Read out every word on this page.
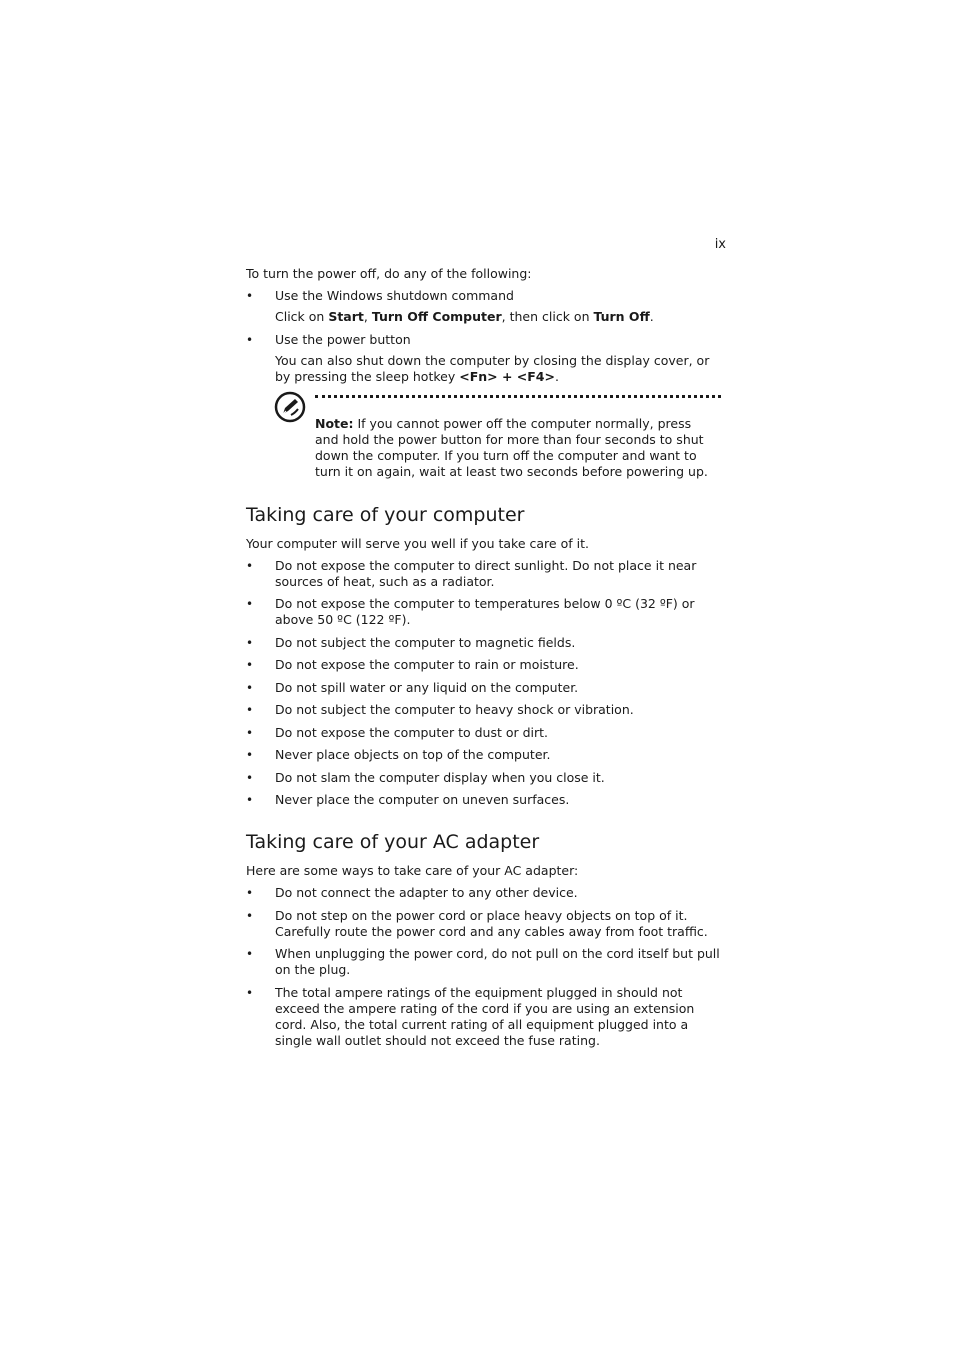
ix

To turn the power off, do any of the following:

• Use the Windows shutdown command

Click on Start, Turn Off Computer, then click on Turn Off.

• Use the power button

You can also shut down the computer by closing the display cover, or by pressing the sleep hotkey <Fn> + <F4>.

Note: If you cannot power off the computer normally, press and hold the power button for more than four seconds to shut down the computer. If you turn off the computer and want to turn it on again, wait at least two seconds before powering up.

Taking care of your computer

Your computer will serve you well if you take care of it.

• Do not expose the computer to direct sunlight. Do not place it near sources of heat, such as a radiator.
• Do not expose the computer to temperatures below 0 ºC (32 ºF) or above 50 ºC (122 ºF).
• Do not subject the computer to magnetic fields.
• Do not expose the computer to rain or moisture.
• Do not spill water or any liquid on the computer.
• Do not subject the computer to heavy shock or vibration.
• Do not expose the computer to dust or dirt.
• Never place objects on top of the computer.
• Do not slam the computer display when you close it.
• Never place the computer on uneven surfaces.
Taking care of your AC adapter

Here are some ways to take care of your AC adapter:

• Do not connect the adapter to any other device.
• Do not step on the power cord or place heavy objects on top of it. Carefully route the power cord and any cables away from foot traffic.
• When unplugging the power cord, do not pull on the cord itself but pull on the plug.
• The total ampere ratings of the equipment plugged in should not exceed the ampere rating of the cord if you are using an extension cord. Also, the total current rating of all equipment plugged into a single wall outlet should not exceed the fuse rating.
